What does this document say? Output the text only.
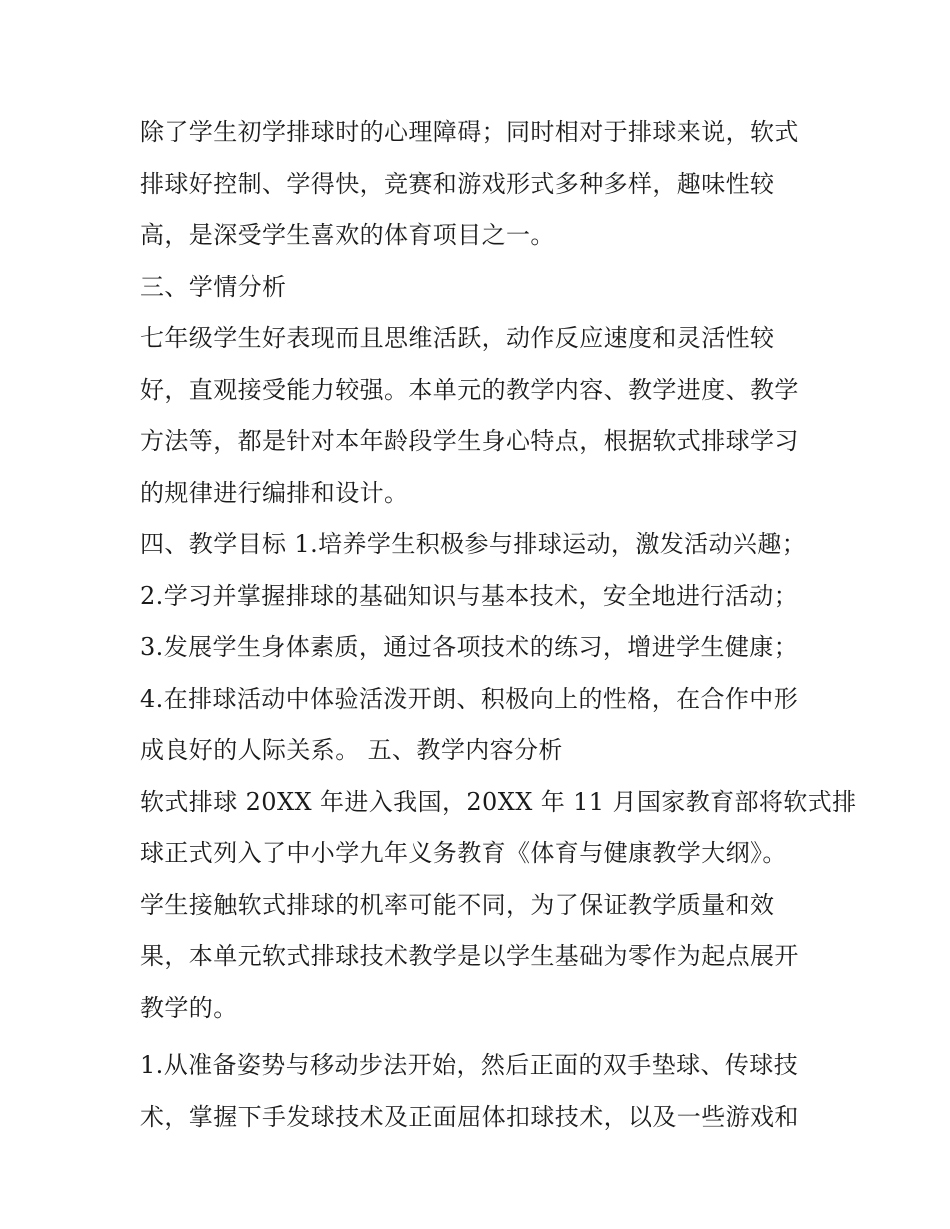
除了学生初学排球时的心理障碍；同时相对于排球来说，软式
排球好控制、学得快，竞赛和游戏形式多种多样，趣味性较
高，是深受学生喜欢的体育项目之一。
三、学情分析
七年级学生好表现而且思维活跃，动作反应速度和灵活性较
好，直观接受能力较强。本单元的教学内容、教学进度、教学
方法等，都是针对本年龄段学生身心特点，根据软式排球学习
的规律进行编排和设计。
四、教学目标 1.培养学生积极参与排球运动，激发活动兴趣；
2.学习并掌握排球的基础知识与基本技术，安全地进行活动；
3.发展学生身体素质，通过各项技术的练习，增进学生健康；
4.在排球活动中体验活泼开朗、积极向上的性格，在合作中形
成良好的人际关系。 五、教学内容分析
软式排球 20XX 年进入我国，20XX 年 11 月国家教育部将软式排
球正式列入了中小学九年义务教育《体育与健康教学大纲》。
学生接触软式排球的机率可能不同，为了保证教学质量和效
果，本单元软式排球技术教学是以学生基础为零作为起点展开
教学的。
1.从准备姿势与移动步法开始，然后正面的双手垫球、传球技
术，掌握下手发球技术及正面屈体扣球技术，以及一些游戏和
